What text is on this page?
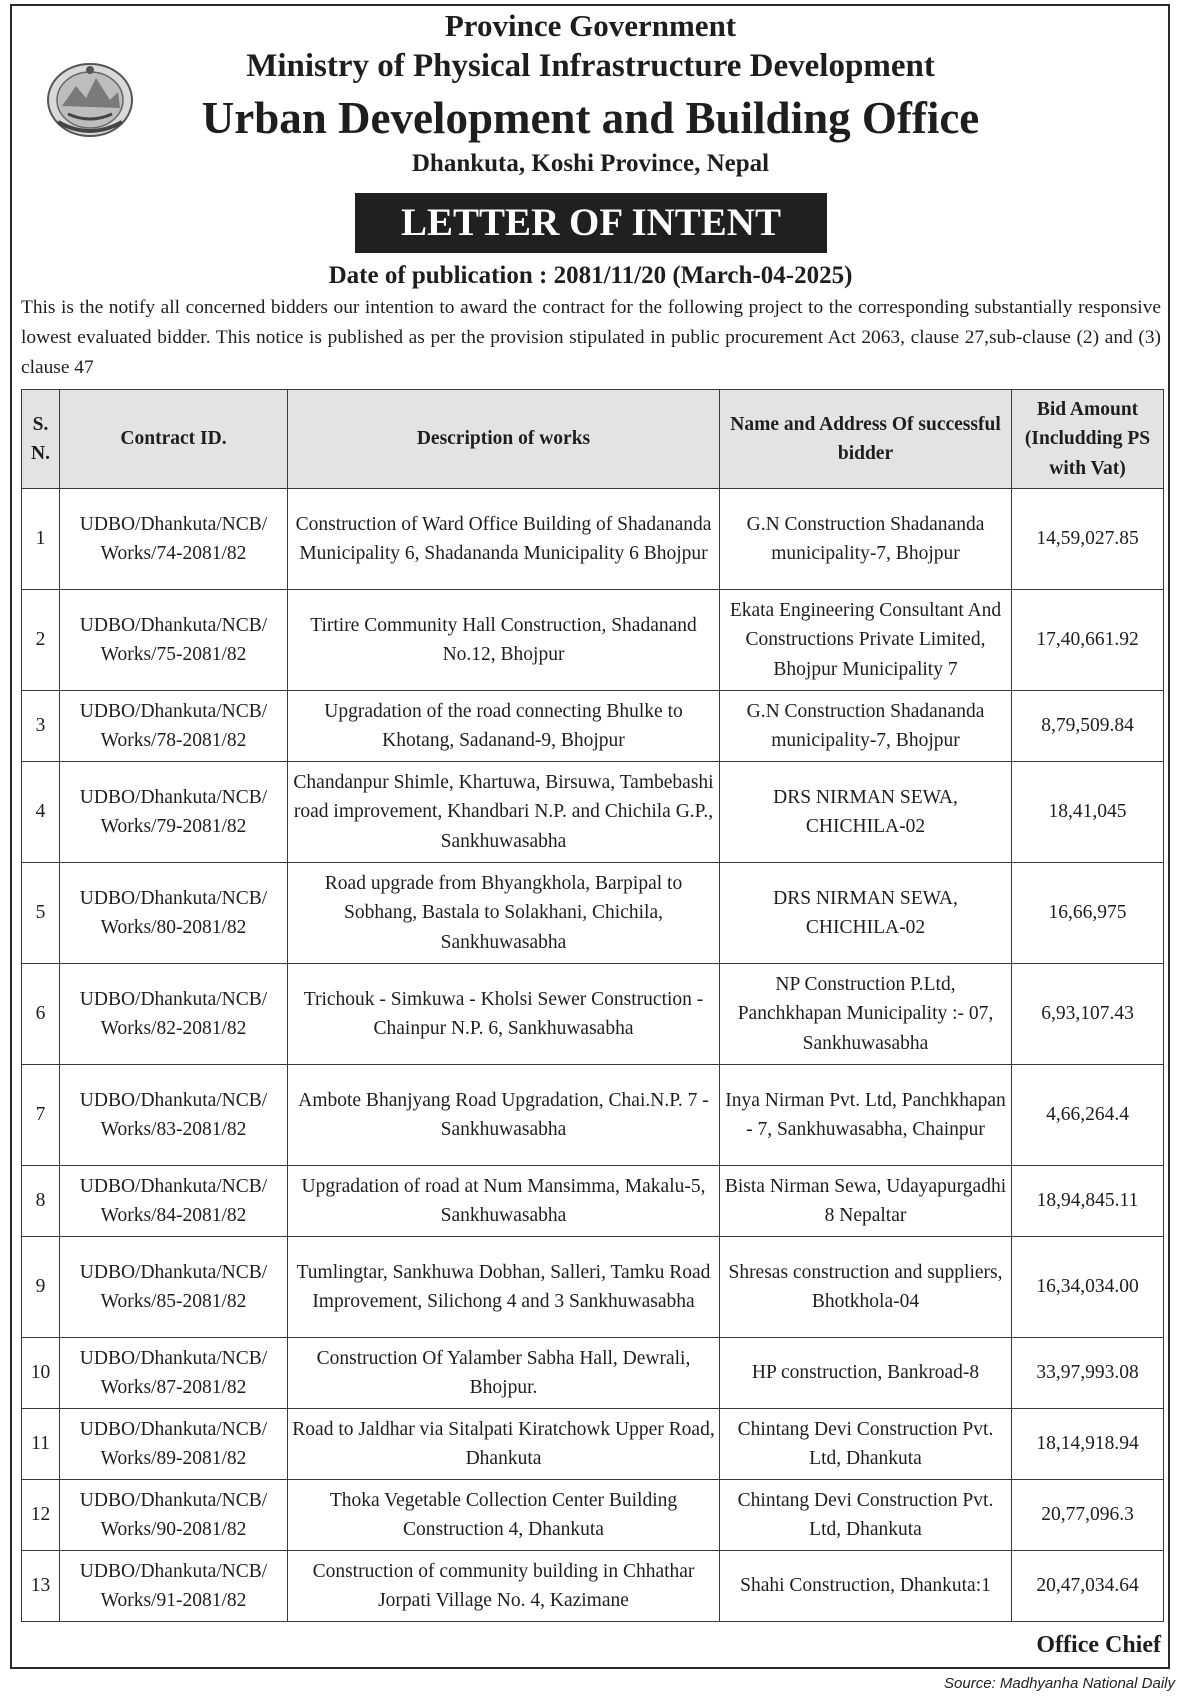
Province Government
Ministry of Physical Infrastructure Development
Urban Development and Building Office
Dhankuta, Koshi Province, Nepal
LETTER OF INTENT
Date of publication : 2081/11/20 (March-04-2025)

This is the notify all concerned bidders our intention to award the contract for the following project to the corresponding substantially responsive lowest evaluated bidder. This notice is published as per the provision stipulated in public procurement Act 2063, clause 27,sub-clause (2) and (3) clause 47

S. N.	Contract ID.	Description of works	Name and Address Of successful bidder	Bid Amount (Includding PS with Vat)
1	UDBO/Dhankuta/NCB/ Works/74-2081/82	Construction of Ward Office Building of Shadananda Municipality 6, Shadananda Municipality 6 Bhojpur	G.N Construction Shadananda municipality-7, Bhojpur	14,59,027.85
2	UDBO/Dhankuta/NCB/ Works/75-2081/82	Tirtire Community Hall Construction, Shadanand No.12, Bhojpur	Ekata Engineering Consultant And Constructions Private Limited, Bhojpur Municipality 7	17,40,661.92
3	UDBO/Dhankuta/NCB/ Works/78-2081/82	Upgradation of the road connecting Bhulke to Khotang, Sadanand-9, Bhojpur	G.N Construction Shadananda municipality-7, Bhojpur	8,79,509.84
4	UDBO/Dhankuta/NCB/ Works/79-2081/82	Chandanpur Shimle, Khartuwa, Birsuwa, Tambebashi road improvement, Khandbari N.P. and Chichila G.P., Sankhuwasabha	DRS NIRMAN SEWA, CHICHILA-02	18,41,045
5	UDBO/Dhankuta/NCB/ Works/80-2081/82	Road upgrade from Bhyangkhola, Barpipal to Sobhang, Bastala to Solakhani, Chichila, Sankhuwasabha	DRS NIRMAN SEWA, CHICHILA-02	16,66,975
6	UDBO/Dhankuta/NCB/ Works/82-2081/82	Trichouk - Simkuwa - Kholsi Sewer Construction - Chainpur N.P. 6, Sankhuwasabha	NP Construction P.Ltd, Panchkhapan Municipality :- 07, Sankhuwasabha	6,93,107.43
7	UDBO/Dhankuta/NCB/ Works/83-2081/82	Ambote Bhanjyang Road Upgradation, Chai.N.P. 7 - Sankhuwasabha	Inya Nirman Pvt. Ltd, Panchkhapan - 7, Sankhuwasabha, Chainpur	4,66,264.4
8	UDBO/Dhankuta/NCB/ Works/84-2081/82	Upgradation of road at Num Mansimma, Makalu-5, Sankhuwasabha	Bista Nirman Sewa, Udayapurgadhi 8 Nepaltar	18,94,845.11
9	UDBO/Dhankuta/NCB/ Works/85-2081/82	Tumlingtar, Sankhuwa Dobhan, Salleri, Tamku Road Improvement, Silichong 4 and 3 Sankhuwasabha	Shresas construction and suppliers, Bhotkhola-04	16,34,034.00
10	UDBO/Dhankuta/NCB/ Works/87-2081/82	Construction Of Yalamber Sabha Hall, Dewrali, Bhojpur.	HP construction, Bankroad-8	33,97,993.08
11	UDBO/Dhankuta/NCB/ Works/89-2081/82	Road to Jaldhar via Sitalpati Kiratchowk Upper Road, Dhankuta	Chintang Devi Construction Pvt. Ltd, Dhankuta	18,14,918.94
12	UDBO/Dhankuta/NCB/ Works/90-2081/82	Thoka Vegetable Collection Center Building Construction 4, Dhankuta	Chintang Devi Construction Pvt. Ltd, Dhankuta	20,77,096.3
13	UDBO/Dhankuta/NCB/ Works/91-2081/82	Construction of community building in Chhathar Jorpati Village No. 4, Kazimane	Shahi Construction, Dhankuta:1	20,47,034.64
Office Chief
Source: Madhyanha National Daily
